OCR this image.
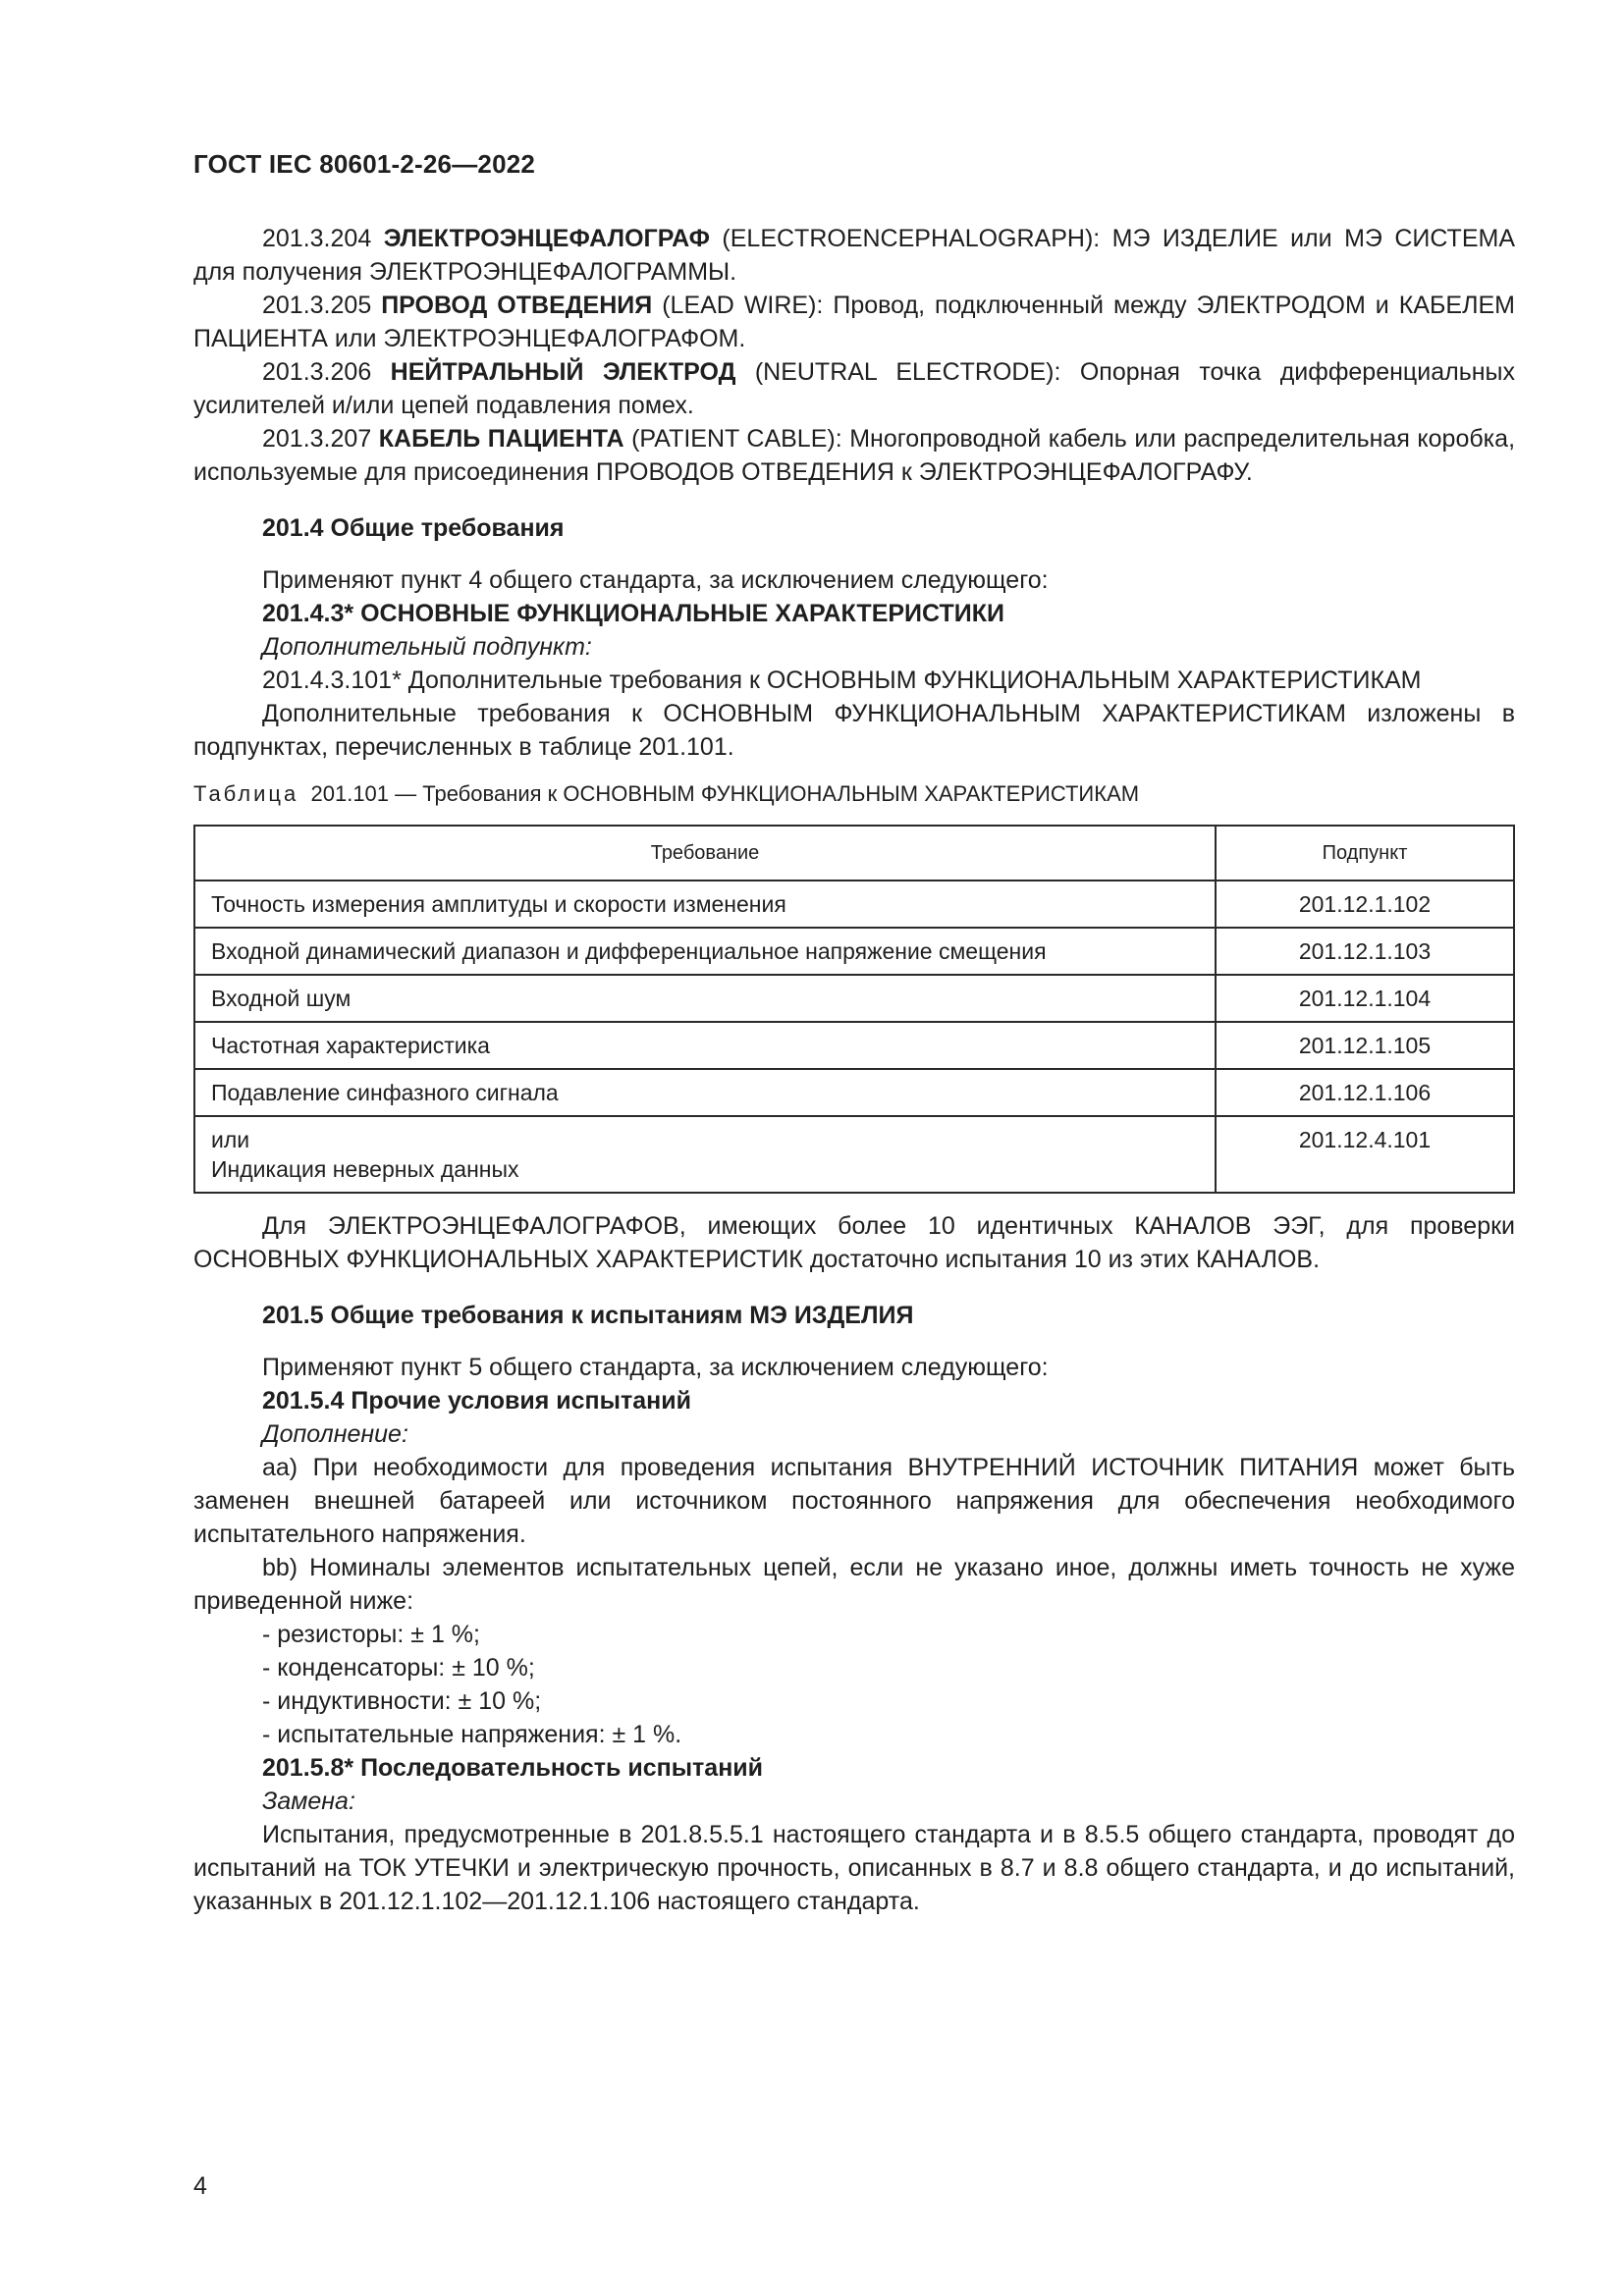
ГОСТ IEC 80601-2-26—2022

201.3.204 ЭЛЕКТРОЭНЦЕФАЛОГРАФ (ELECTROENCEPHALOGRAPH): МЭ ИЗДЕЛИЕ или МЭ СИСТЕМА для получения ЭЛЕКТРОЭНЦЕФАЛОГРАММЫ.

201.3.205 ПРОВОД ОТВЕДЕНИЯ (LEAD WIRE): Провод, подключенный между ЭЛЕКТРОДОМ и КАБЕЛЕМ ПАЦИЕНТА или ЭЛЕКТРОЭНЦЕФАЛОГРАФОМ.

201.3.206 НЕЙТРАЛЬНЫЙ ЭЛЕКТРОД (NEUTRAL ELECTRODE): Опорная точка дифференциальных усилителей и/или цепей подавления помех.

201.3.207 КАБЕЛЬ ПАЦИЕНТА (PATIENT CABLE): Многопроводной кабель или распределительная коробка, используемые для присоединения ПРОВОДОВ ОТВЕДЕНИЯ к ЭЛЕКТРОЭНЦЕФАЛОГРАФУ.

201.4 Общие требования

Применяют пункт 4 общего стандарта, за исключением следующего:

201.4.3* ОСНОВНЫЕ ФУНКЦИОНАЛЬНЫЕ ХАРАКТЕРИСТИКИ

Дополнительный подпункт:

201.4.3.101* Дополнительные требования к ОСНОВНЫМ ФУНКЦИОНАЛЬНЫМ ХАРАКТЕРИСТИКАМ

Дополнительные требования к ОСНОВНЫМ ФУНКЦИОНАЛЬНЫМ ХАРАКТЕРИСТИКАМ изложены в подпунктах, перечисленных в таблице 201.101.

Таблица 201.101 — Требования к ОСНОВНЫМ ФУНКЦИОНАЛЬНЫМ ХАРАКТЕРИСТИКАМ
Требование	Подпункт
Точность измерения амплитуды и скорости изменения	201.12.1.102
Входной динамический диапазон и дифференциальное напряжение смещения	201.12.1.103
Входной шум	201.12.1.104
Частотная характеристика	201.12.1.105
Подавление синфазного сигнала	201.12.1.106

или
Индикация неверных данных	201.12.4.101

Для ЭЛЕКТРОЭНЦЕФАЛОГРАФОВ, имеющих более 10 идентичных КАНАЛОВ ЭЭГ, для проверки ОСНОВНЫХ ФУНКЦИОНАЛЬНЫХ ХАРАКТЕРИСТИК достаточно испытания 10 из этих КАНАЛОВ.

201.5 Общие требования к испытаниям МЭ ИЗДЕЛИЯ

Применяют пункт 5 общего стандарта, за исключением следующего:

201.5.4 Прочие условия испытаний

Дополнение:

аа) При необходимости для проведения испытания ВНУТРЕННИЙ ИСТОЧНИК ПИТАНИЯ может быть заменен внешней батареей или источником постоянного напряжения для обеспечения необходимого испытательного напряжения.

bb) Номиналы элементов испытательных цепей, если не указано иное, должны иметь точность не хуже приведенной ниже:

- резисторы: ± 1 %;

- конденсаторы: ± 10 %;

- индуктивности: ± 10 %;

- испытательные напряжения: ± 1 %.

201.5.8* Последовательность испытаний

Замена:

Испытания, предусмотренные в 201.8.5.5.1 настоящего стандарта и в 8.5.5 общего стандарта, проводят до испытаний на ТОК УТЕЧКИ и электрическую прочность, описанных в 8.7 и 8.8 общего стандарта, и до испытаний, указанных в 201.12.1.102—201.12.1.106 настоящего стандарта.

4
